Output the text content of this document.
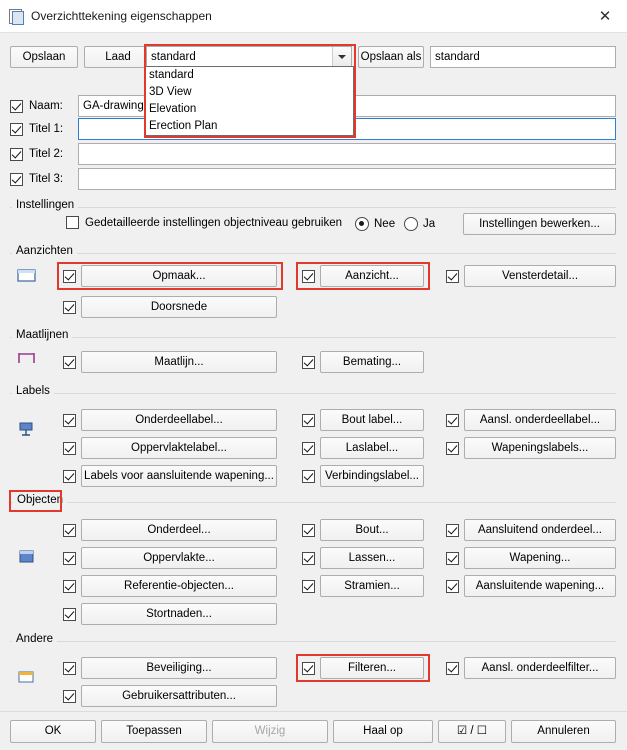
Overzichttekening eigenschappen	✕
Opslaan	Laad	Opslaan als	standard
standard
standard
3D View
Elevation
Erection Plan
Naam:	GA-drawing
Titel 1:
Titel 2:
Titel 3:
Instellingen
Gedetailleerde instellingen objectniveau gebruiken	Nee Ja	Instellingen bewerken...
Aanzichten
Opmaak...	Aanzicht...	Vensterdetail...
Doorsnede
Maatlijnen
Maatlijn...	Bemating...
Labels
Onderdeellabel...	Bout label...	Aansl. onderdeellabel...
Oppervlaktelabel...	Laslabel...	Wapeningslabels...
Labels voor aansluitende wapening...	Verbindingslabel...
Objecten
Onderdeel...	Bout...	Aansluitend onderdeel...
Oppervlakte...	Lassen...	Wapening...
Referentie-objecten...	Stramien...	Aansluitende wapening...
Stortnaden...
Andere
Beveiliging...	Filteren...	Aansl. onderdeelfilter...
Gebruikersattributen...
OK	Toepassen	Wijzig	Haal op	☑ / ☐	Annuleren
